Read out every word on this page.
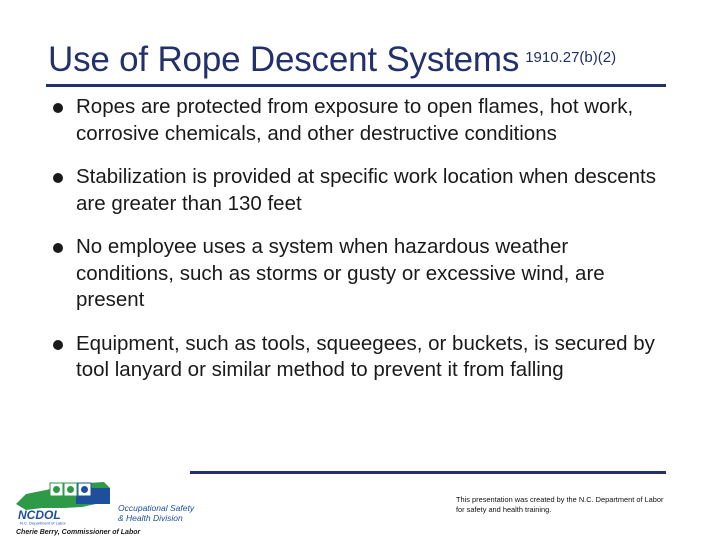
Use of Rope Descent Systems 1910.27(b)(2)
Ropes are protected from exposure to open flames, hot work, corrosive chemicals, and other destructive conditions
Stabilization is provided at specific work location when descents are greater than 130 feet
No employee uses a system when hazardous weather conditions, such as storms or gusty or excessive wind, are present
Equipment, such as tools, squeegees, or buckets, is secured by tool lanyard or similar method to prevent it from falling
NCDOL
N.C. Department of Labor
Occupational Safety
& Health Division
Cherie Berry, Commissioner of Labor
This presentation was created by the N.C. Department of Labor for safety and health training.
